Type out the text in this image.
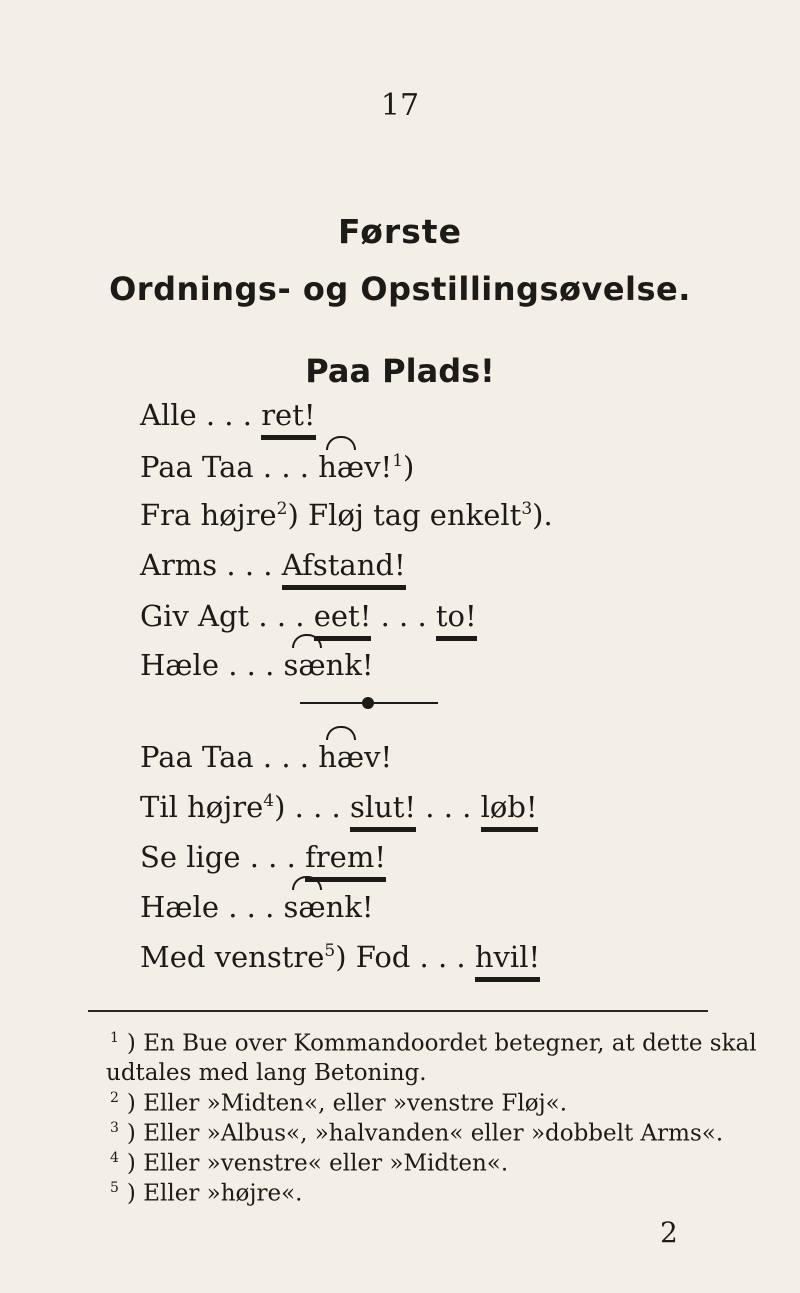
17
Første
Ordnings- og Opstillingsøvelse.
Paa Plads!
Alle . . . ret!
Paa Taa . . . hæv!$^1$)
Fra højre$^2$) Fløj tag enkelt$^3$).
Arms . . . Afstand!
Giv Agt . . . eet! . . . to!
Hæle . . . sænk!
Paa Taa . . . hæv!
Til højre$^4$) . . . slut! . . . løb!
Se lige . . . frem!
Hæle . . . sænk!
Med venstre$^5$) Fod . . . hvil!
$^1$ ) En Bue over Kommandoordet betegner, at dette skal
udtales med lang Betoning.
$^2$ ) Eller »Midten«, eller »venstre Fløj«.
$^3$ ) Eller »Albus«, »halvanden« eller »dobbelt Arms«.
$^4$ ) Eller »venstre« eller »Midten«.
$^5$ ) Eller »højre«.
2
